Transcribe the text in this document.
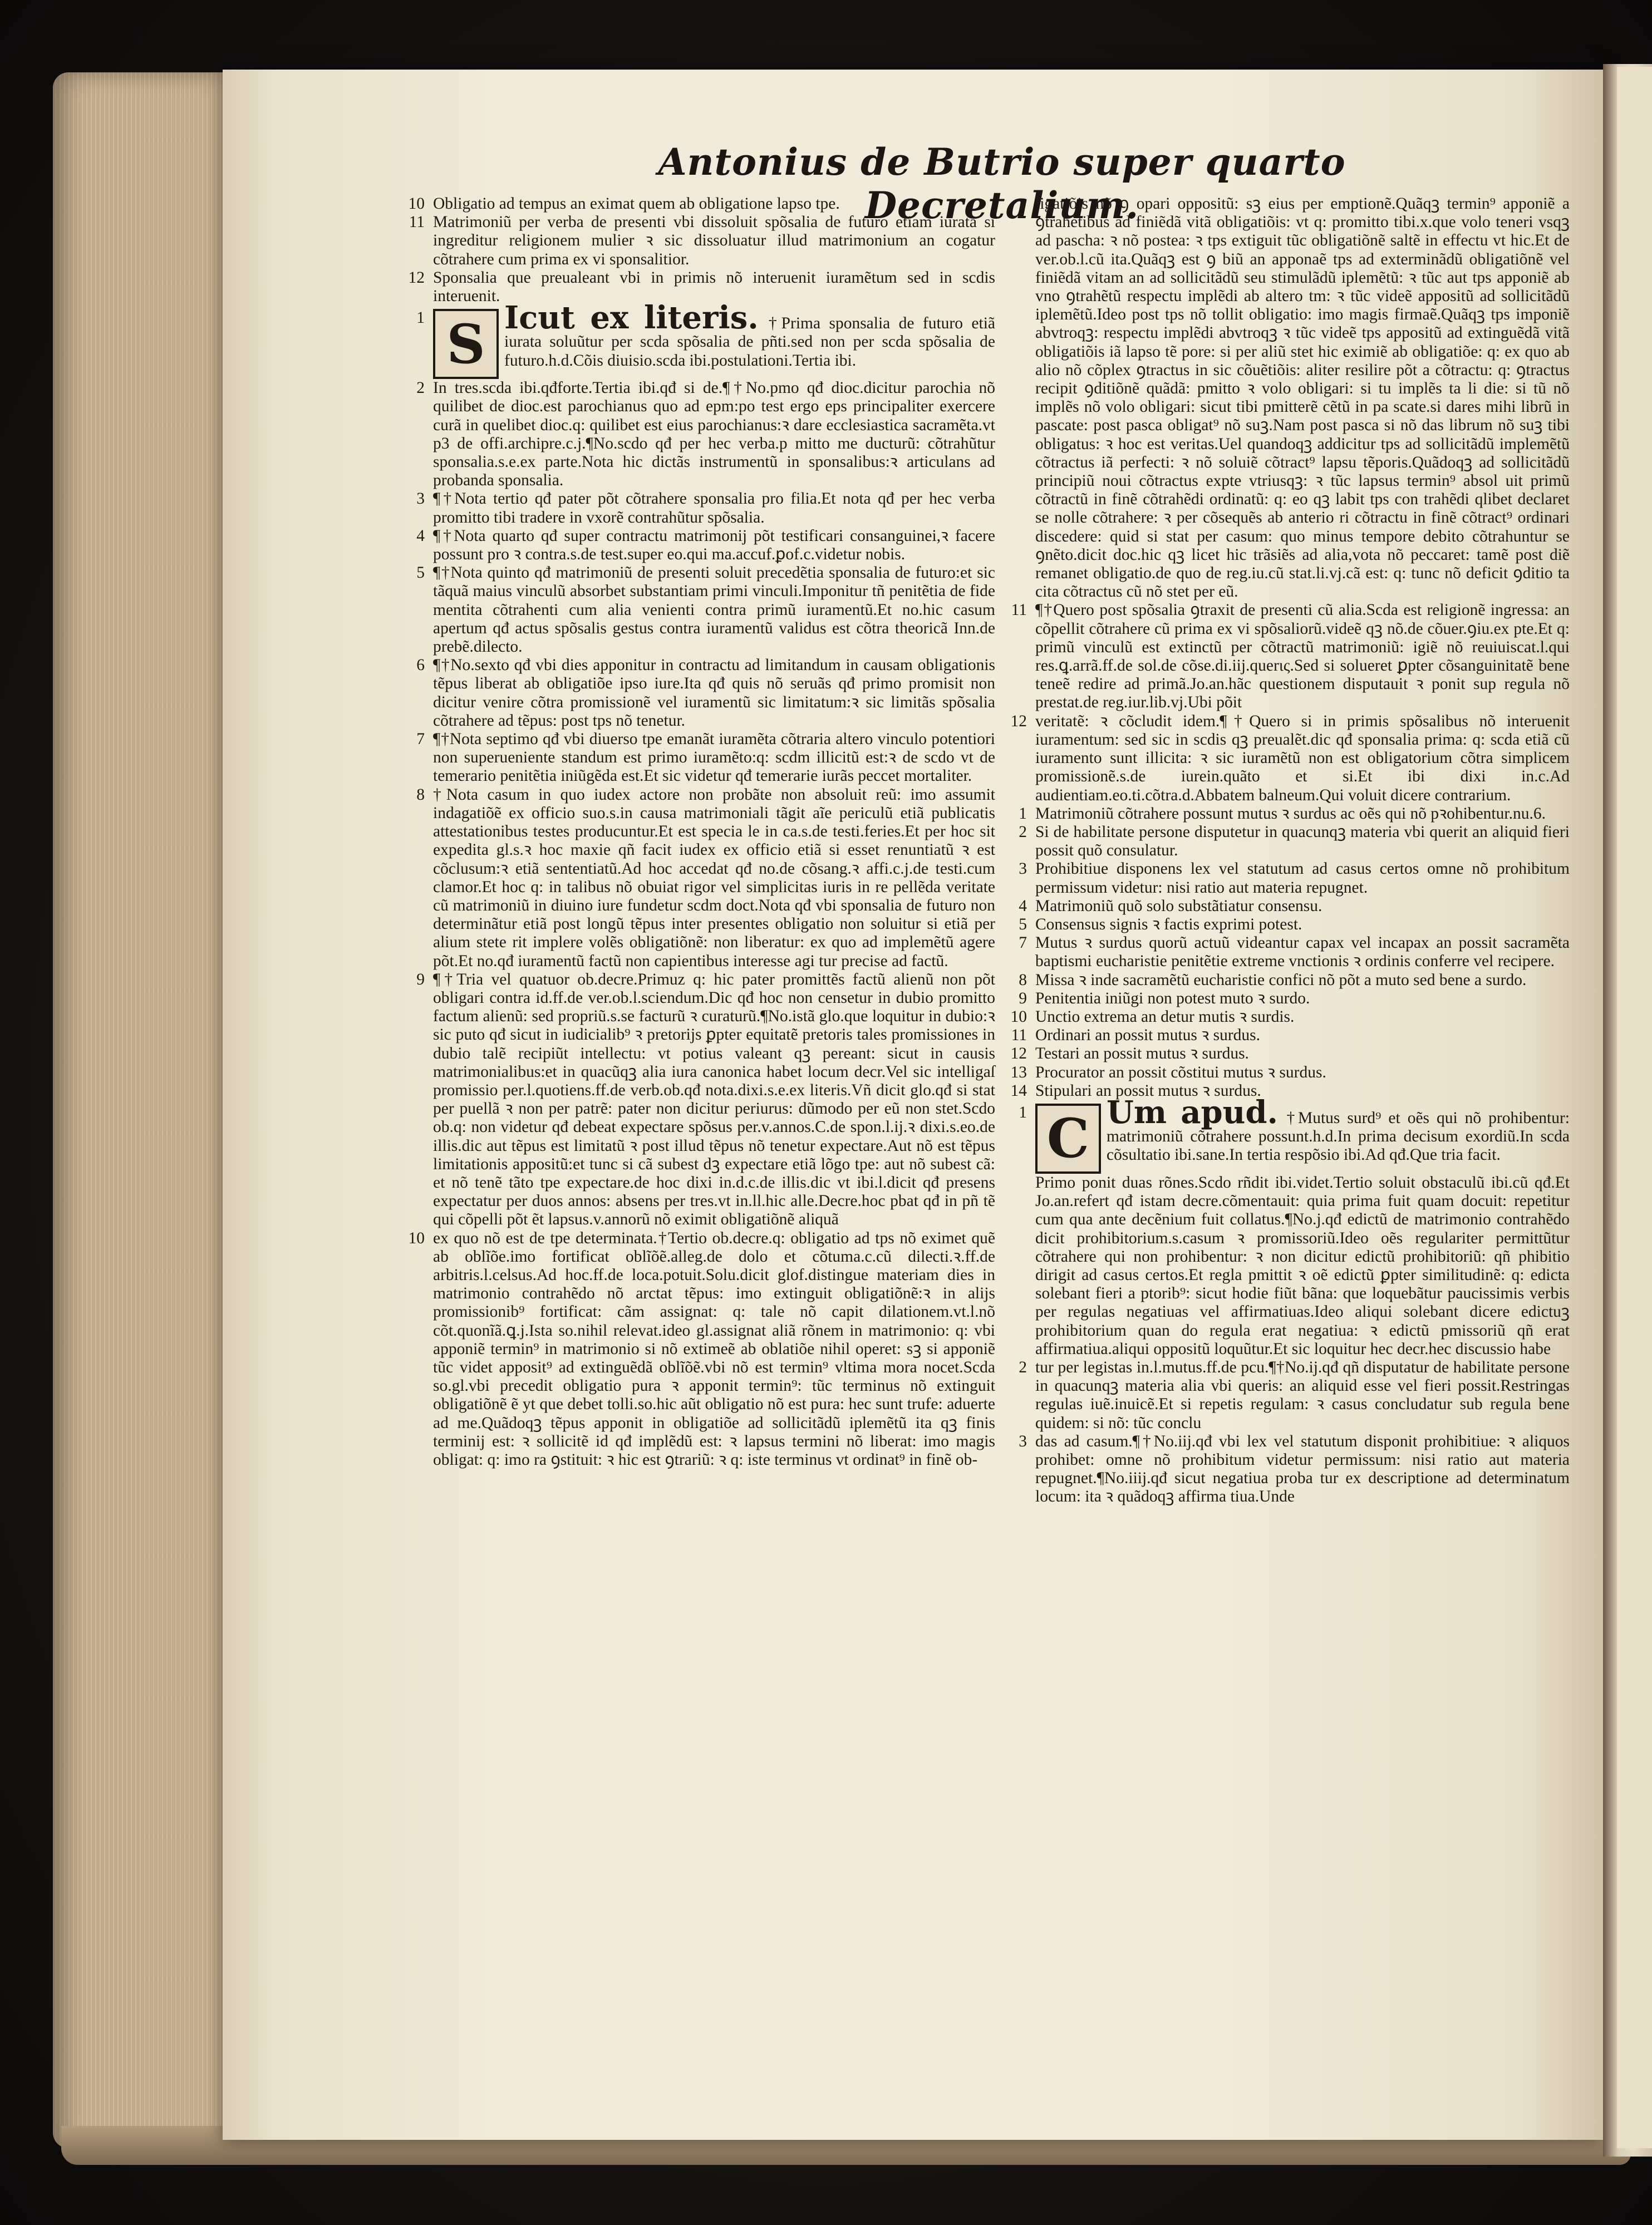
Antonius de Butrio super quarto Decretalium.
10 Obligatio ad tempus an eximat quem ab obligatione lapso tpe.

11 Matrimoniũ per verba de presenti vbi dissoluit spõsalia de futuro etiam iurata si ingreditur religionem mulier ꝛ sic dissoluatur illud matrimonium an cogatur cõtrahere cum prima ex vi sponsalitior.

12 Sponsalia que preualeant vbi in primis nõ interuenit iuramẽtum sed in scdis interuenit.

1 S Icut ex literis. †Prima sponsalia de futuro etiã iurata soluũtur per scda spõsalia de pñti.sed non per scda spõsalia de futuro.h.d.Cõis diuisio.scda ibi.postulationi.Tertia ibi.

2 In tres.scda ibi.qđforte.Tertia ibi.qđ si de.¶†No.pmo qđ dioc.dicitur parochia nõ quilibet de dioc.est parochianus quo ad epm:po test ergo eps principaliter exercere curã in quelibet dioc.q: quilibet est eius parochianus:ꝛ dare ecclesiastica sacramẽta.vt p3 de offi.archipre.c.j.¶No.scdo qđ per hec verba.p mitto me ducturũ: cõtrahũtur sponsalia.s.e.ex parte.Nota hic dictãs instrumentũ in sponsalibus:ꝛ articulans ad probanda sponsalia.

3 ¶†Nota tertio qđ pater põt cõtrahere sponsalia pro filia.Et nota qđ per hec verba promitto tibi tradere in vxorẽ contrahũtur spõsalia.

4 ¶†Nota quarto qđ super contractu matrimonij põt testificari consanguinei,ꝛ facere possunt pro ꝛ contra.s.de test.super eo.qui ma.accuf.ꝑof.c.videtur nobis.

5 ¶†Nota quinto qđ matrimoniũ de presenti soluit precedẽtia sponsalia de futuro:et sic tãquã maius vinculũ absorbet substantiam primi vinculi.Imponitur tñ penitẽtia de fide mentita cõtrahenti cum alia venienti contra primũ iuramentũ.Et no.hic casum apertum qđ actus spõsalis gestus contra iuramentũ validus est cõtra theoricã Inn.de prebẽ.dilecto.

6 ¶†No.sexto qđ vbi dies apponitur in contractu ad limitandum in causam obligationis tẽpus liberat ab obligatiõe ipso iure.Ita qđ quis nõ seruãs qđ primo promisit non dicitur venire cõtra promissionẽ vel iuramentũ sic limitatum:ꝛ sic limitãs spõsalia cõtrahere ad tẽpus: post tps nõ tenetur.

7 ¶†Nota septimo qđ vbi diuerso tpe emanãt iuramẽta cõtraria altero vinculo potentiori non superueniente standum est primo iuramẽto:q: scdm illicitũ est:ꝛ de scdo vt de temerario penitẽtia iniũgẽda est.Et sic videtur qđ temerarie iurãs peccet mortaliter.

8 †Nota casum in quo iudex actore non probãte non absoluit reũ: imo assumit indagatiõẽ ex officio suo.s.in causa matrimoniali tãgit aĩe periculũ etiã publicatis attestationibus testes producuntur.Et est specia le in ca.s.de testi.feries.Et per hoc sit expedita gl.s.ꝛ hoc maxie qñ facit iudex ex officio etiã si esset renuntiatũ ꝛ est cõclusum:ꝛ etiã sententiatũ.Ad hoc accedat qđ no.de cõsang.ꝛ affi.c.j.de testi.cum clamor.Et hoc q: in talibus nõ obuiat rigor vel simplicitas iuris in re pellẽda veritate cũ matrimoniũ in diuino iure fundetur scdm doct.Nota qđ vbi sponsalia de futuro non determinãtur etiã post longũ tẽpus inter presentes obligatio non soluitur si etiã per alium stete rit implere volẽs obligatiõnẽ: non liberatur: ex quo ad implemẽtũ agere põt.Et no.qđ iuramentũ factũ non capientibus interesse agi tur precise ad factũ.

9 ¶†Tria vel quatuor ob.decre.Primuz q: hic pater promittẽs factũ alienũ non põt obligari contra id.ff.de ver.ob.l.sciendum.Dic qđ hoc non censetur in dubio promitto factum alienũ: sed propriũ.s.se facturũ ꝛ curaturũ.¶No.istã glo.que loquitur in dubio:ꝛ sic puto qđ sicut in iudicialib⁹ ꝛ pretorijs ꝑpter equitatẽ pretoris tales promissiones in dubio talẽ recipiũt intellectu: vt potius valeant qꝫ pereant: sicut in causis matrimonialibus:et in quacũqꝫ alia iura canonica habet locum decr.Vel sic intelligaſ promissio per.l.quotiens.ff.de verb.ob.qđ nota.dixi.s.e.ex literis.Vñ dicit glo.qđ si stat per puellã ꝛ non per patrẽ: pater non dicitur periurus: dũmodo per eũ non stet.Scdo ob.q: non videtur qđ debeat expectare spõsus per.v.annos.C.de spon.l.ij.ꝛ dixi.s.eo.de illis.dic aut tẽpus est limitatũ ꝛ post illud tẽpus nõ tenetur expectare.Aut nõ est tẽpus limitationis appositũ:et tunc si cã subest dꝫ expectare etiã lõgo tpe: aut nõ subest cã: et nõ tenẽ tãto tpe expectare.de hoc dixi in.d.c.de illis.dic vt ibi.l.dicit qđ presens expectatur per duos annos: absens per tres.vt in.ll.hic alle.Decre.hoc pbat qđ in pñ tẽ qui cõpelli põt ẽt lapsus.v.annorũ nõ eximit obligatiõnẽ aliquã

10 ex quo nõ est de tpe determinata.†Tertio ob.decre.q: obligatio ad tps nõ eximet quẽ ab oblĩõe.imo fortificat oblĩõẽ.alleg.de dolo et cõtuma.c.cũ dilecti.ꝛ.ff.de arbitris.l.celsus.Ad hoc.ff.de loca.potuit.Solu.dicit glof.distingue materiam dies in matrimonio contrahẽdo nõ arctat tẽpus: imo extinguit obligatiõnẽ:ꝛ in alijs promissionib⁹ fortificat: cãm assignat: q: tale nõ capit dilationem.vt.l.nõ cõt.quonĩã.ꝗ.j.Ista so.nihil relevat.ideo gl.assignat aliã rõnem in matrimonio: q: vbi apponiẽ termin⁹ in matrimonio si nõ extimeẽ ab oblatiõe nihil operet: sꝫ si apponiẽ tũc videt apposit⁹ ad extinguẽdã oblĩõẽ.vbi nõ est termin⁹ vltima mora nocet.Scda so.gl.vbi precedit obligatio pura ꝛ apponit termin⁹: tũc terminus nõ extinguit obligatiõnẽ ẽ yt que debet tolli.so.hic aũt obligatio nõ est pura: hec sunt trufe: aduerte ad me.Quãdoqꝫ tẽpus apponit in obligatiõe ad sollicitãdũ iplemẽtũ ita qꝫ finis terminij est: ꝛ sollicitẽ id qđ implẽdũ est: ꝛ lapsus termini nõ liberat: imo magis obligat: q: imo ra ꝯstituit: ꝛ hic est ꝯtrariũ: ꝛ q: iste terminus vt ordinat⁹ in finẽ ob-

ligatiõis nõ ꝯ opari oppositũ: sꝫ eius per emptionẽ.Quãqꝫ termin⁹ apponiẽ a ꝯtrahẽtibus ad finiẽdã vitã obligatiõis: vt q: promitto tibi.x.que volo teneri vsqꝫ ad pascha: ꝛ nõ postea: ꝛ tps extiguit tũc obligatiõnẽ saltẽ in effectu vt hic.Et de ver.ob.l.cũ ita.Quãqꝫ est ꝯ biũ an apponaẽ tps ad exterminãdũ obligatiõnẽ vel finiẽdã vitam an ad sollicitãdũ seu stimulãdũ iplemẽtũ: ꝛ tũc aut tps apponiẽ ab vno ꝯtrahẽtũ respectu implẽdi ab altero tm: ꝛ tũc videẽ appositũ ad sollicitãdũ iplemẽtũ.Ideo post tps nõ tollit obligatio: imo magis firmaẽ.Quãqꝫ tps imponiẽ abvtroqꝫ: respectu implẽdi abvtroqꝫ ꝛ tũc videẽ tps appositũ ad extinguẽdã vitã obligatiõis iã lapso tẽ pore: si per aliũ stet hic eximiẽ ab obligatiõe: q: ex quo ab alio nõ cõplex ꝯtractus in sic cõuẽtiõis: aliter resilire põt a cõtractu: q: ꝯtractus recipit ꝯditiõnẽ quãdã: pmitto ꝛ volo obligari: si tu implẽs ta li die: si tũ nõ implẽs nõ volo obligari: sicut tibi pmitterẽ cẽtũ in pa scate.si dares mihi librũ in pascate: post pasca obligat⁹ nõ suꝫ.Nam post pasca si nõ das librum nõ suꝫ tibi obligatus: ꝛ hoc est veritas.Uel quandoqꝫ addicitur tps ad sollicitãdũ implemẽtũ cõtractus iã perfecti: ꝛ nõ soluiẽ cõtract⁹ lapsu tẽporis.Quãdoqꝫ ad sollicitãdũ principiũ noui cõtractus expte vtriusqꝫ: ꝛ tũc lapsus termin⁹ absol uit primũ cõtractũ in finẽ cõtrahẽdi ordinatũ: q: eo qꝫ labit tps con trahẽdi qlibet declaret se nolle cõtrahere: ꝛ per cõsequẽs ab anterio ri cõtractu in finẽ cõtract⁹ ordinari discedere: quid si stat per casum: quo minus tempore debito cõtrahuntur se ꝯnẽto.dicit doc.hic qꝫ licet hic trãsiẽs ad alia,vota nõ peccaret: tamẽ post diẽ remanet obligatio.de quo de reg.iu.cũ stat.li.vj.cã est: q: tunc nõ deficit ꝯditio ta cita cõtractus cũ nõ stet per eũ.

11 ¶†Quero post spõsalia ꝯtraxit de presenti cũ alia.Scda est religionẽ ingressa: an cõpellit cõtrahere cũ prima ex vi spõsaliorũ.videẽ qꝫ nõ.de cõuer.ꝯiu.ex pte.Et q: primũ vinculũ est extinctũ per cõtractũ matrimoniũ: igiẽ nõ reuiuiscat.l.qui res.ꝗ.arrã.ff.de sol.de cõse.di.iij.querις.Sed si solueret ꝑpter cõsanguinitatẽ bene teneẽ redire ad primã.Jo.an.hãc questionem disputauit ꝛ ponit sup regula nõ prestat.de reg.iur.lib.vj.Ubi põit

12 veritatẽ: ꝛ cõcludit idem.¶†Quero si in primis spõsalibus nõ interuenit iuramentum: sed sic in scdis qꝫ preualẽt.dic qđ sponsalia prima: q: scda etiã cũ iuramento sunt illicita: ꝛ sic iuramẽtũ non est obligatorium cõtra simplicem promissionẽ.s.de iurein.quãto et si.Et ibi dixi in.c.Ad audientiam.eo.ti.cõtra.d.Abbatem balneum.Qui voluit dicere contrarium.

1 Matrimoniũ cõtrahere possunt mutus ꝛ surdus ac oẽs qui nõ pꝛohibentur.nu.6.

2 Si de habilitate persone disputetur in quacunqꝫ materia vbi querit an aliquid fieri possit quõ consulatur.

3 Prohibitiue disponens lex vel statutum ad casus certos omne nõ prohibitum permissum videtur: nisi ratio aut materia repugnet.

4 Matrimoniũ quõ solo substãtiatur consensu.

5 Consensus signis ꝛ factis exprimi potest.

7 Mutus ꝛ surdus quorũ actuũ videantur capax vel incapax an possit sacramẽta baptismi eucharistie penitẽtie extreme vnctionis ꝛ ordinis conferre vel recipere.

8 Missa ꝛ inde sacramẽtũ eucharistie confici nõ põt a muto sed bene a surdo.

9 Penitentia iniũgi non potest muto ꝛ surdo.

10 Unctio extrema an detur mutis ꝛ surdis.

11 Ordinari an possit mutus ꝛ surdus.

12 Testari an possit mutus ꝛ surdus.

13 Procurator an possit cõstitui mutus ꝛ surdus.

14 Stipulari an possit mutus ꝛ surdus.

1 C Um apud. †Mutus surd⁹ et oẽs qui nõ prohibentur: matrimoniũ cõtrahere possunt.h.d.In prima decisum exordiũ.In scda cõsultatio ibi.sane.In tertia respõsio ibi.Ad qđ.Que tria facit.

Primo ponit duas rõnes.Scdo rñdit ibi.videt.Tertio soluit obstaculũ ibi.cũ qđ.Et Jo.an.refert qđ istam decre.cõmentauit: quia prima fuit quam docuit: repetitur cum qua ante decẽnium fuit collatus.¶No.j.qđ edictũ de matrimonio contrahẽdo dicit prohibitorium.s.casum ꝛ promissoriũ.Ideo oẽs regulariter permittũtur cõtrahere qui non prohibentur: ꝛ non dicitur edictũ prohibitoriũ: qñ phibitio dirigit ad casus certos.Et regla pmittit ꝛ oẽ edictũ ꝑpter similitudinẽ: q: edicta solebant fieri a ptorib⁹: sicut hodie fiũt bãna: que loquebãtur paucissimis verbis per regulas negatiuas vel affirmatiuas.Ideo aliqui solebant dicere edictuꝫ prohibitorium quan do regula erat negatiua: ꝛ edictũ pmissoriũ qñ erat affirmatiua.aliqui oppositũ loquũtur.Et sic loquitur hec decr.hec discussio habe

2 tur per legistas in.l.mutus.ff.de pcu.¶†No.ij.qđ qñ disputatur de habilitate persone in quacunqꝫ materia alia vbi queris: an aliquid esse vel fieri possit.Restringas regulas iuẽ.inuicẽ.Et si repetis regulam: ꝛ casus concludatur sub regula bene quidem: si nõ: tũc conclu

3 das ad casum.¶†No.iij.qđ vbi lex vel statutum disponit prohibitiue: ꝛ aliquos prohibet: omne nõ prohibitum videtur permissum: nisi ratio aut materia repugnet.¶No.iiij.qđ sicut negatiua proba tur ex descriptione ad determinatum locum: ita ꝛ quãdoqꝫ affirma tiua.Unde
